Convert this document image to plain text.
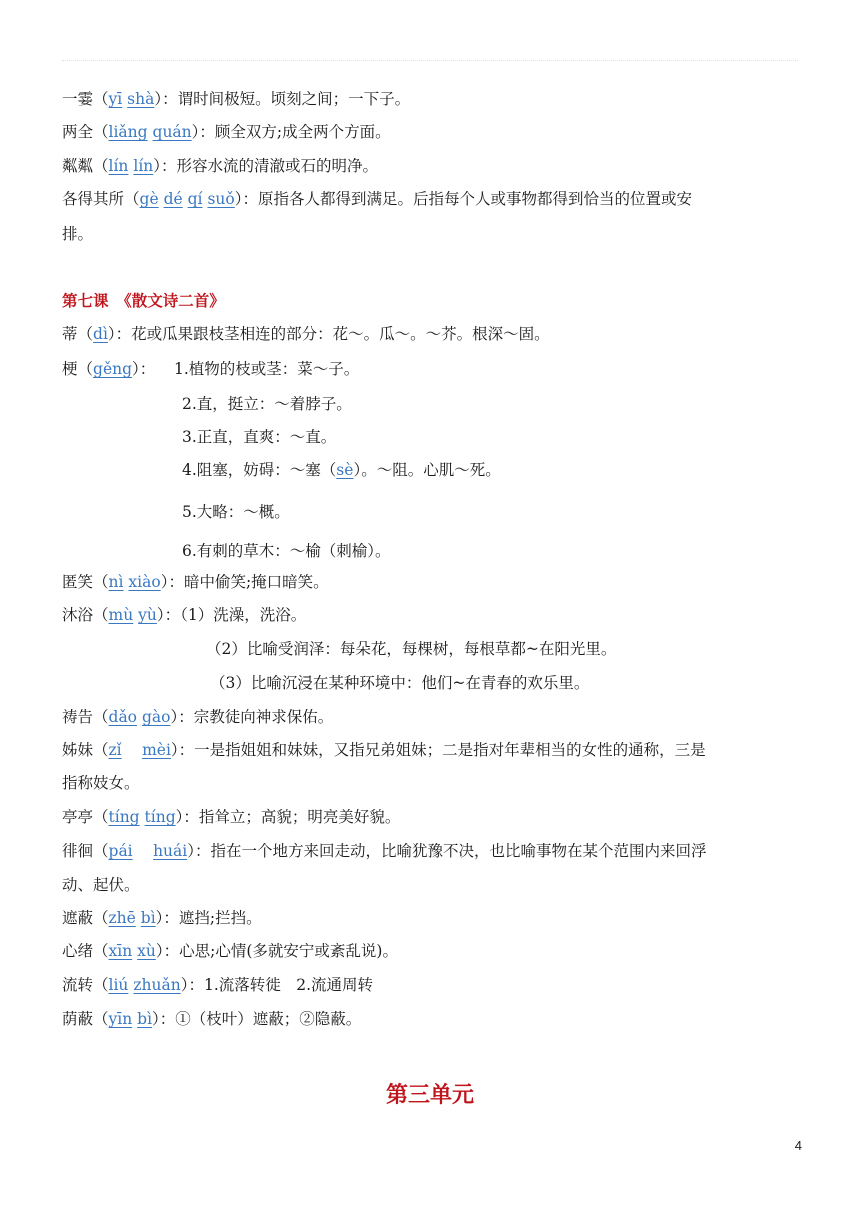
一霎（yī shà）：谓时间极短。顷刻之间；一下子。
两全（liǎng quán）：顾全双方;成全两个方面。
粼粼（lín lín）：形容水流的清澈或石的明净。
各得其所（gè dé qí suǒ）：原指各人都得到满足。后指每个人或事物都得到恰当的位置或安
排。
第七课　《散文诗二首》
蒂（dì）：花或瓜果跟枝茎相连的部分：花～。瓜～。～芥。根深～固。
梗（gěng）： 1.植物的枝或茎：菜～子。
2.直，挺立：～着脖子。
3.正直，直爽：～直。
4.阻塞，妨碍：～塞（sè）。～阻。心肌～死。
5.大略：～概。
6.有刺的草木：～榆（刺榆）。
匿笑（nì xiào）：暗中偷笑;掩口暗笑。
沐浴（mù yù）：（1）洗澡，洗浴。
（2）比喻受润泽：每朵花，每棵树，每根草都~在阳光里。
（3）比喻沉浸在某种环境中：他们~在青春的欢乐里。
祷告（dǎo gào）：宗教徒向神求保佑。
姊妹（zǐ　 mèi）：一是指姐姐和妹妹，又指兄弟姐妹；二是指对年辈相当的女性的通称，三是
指称妓女。
亭亭（tíng tíng）：指耸立；高貌；明亮美好貌。
徘徊（pái　 huái）：指在一个地方来回走动，比喻犹豫不决，也比喻事物在某个范围内来回浮
动、起伏。
遮蔽（zhē bì）：遮挡;拦挡。
心绪（xīn xù）：心思;心情(多就安宁或紊乱说)。
流转（liú zhuǎn）：1.流落转徙　2.流通周转
荫蔽（yīn bì）：①（枝叶）遮蔽；②隐蔽。
第三单元
4
